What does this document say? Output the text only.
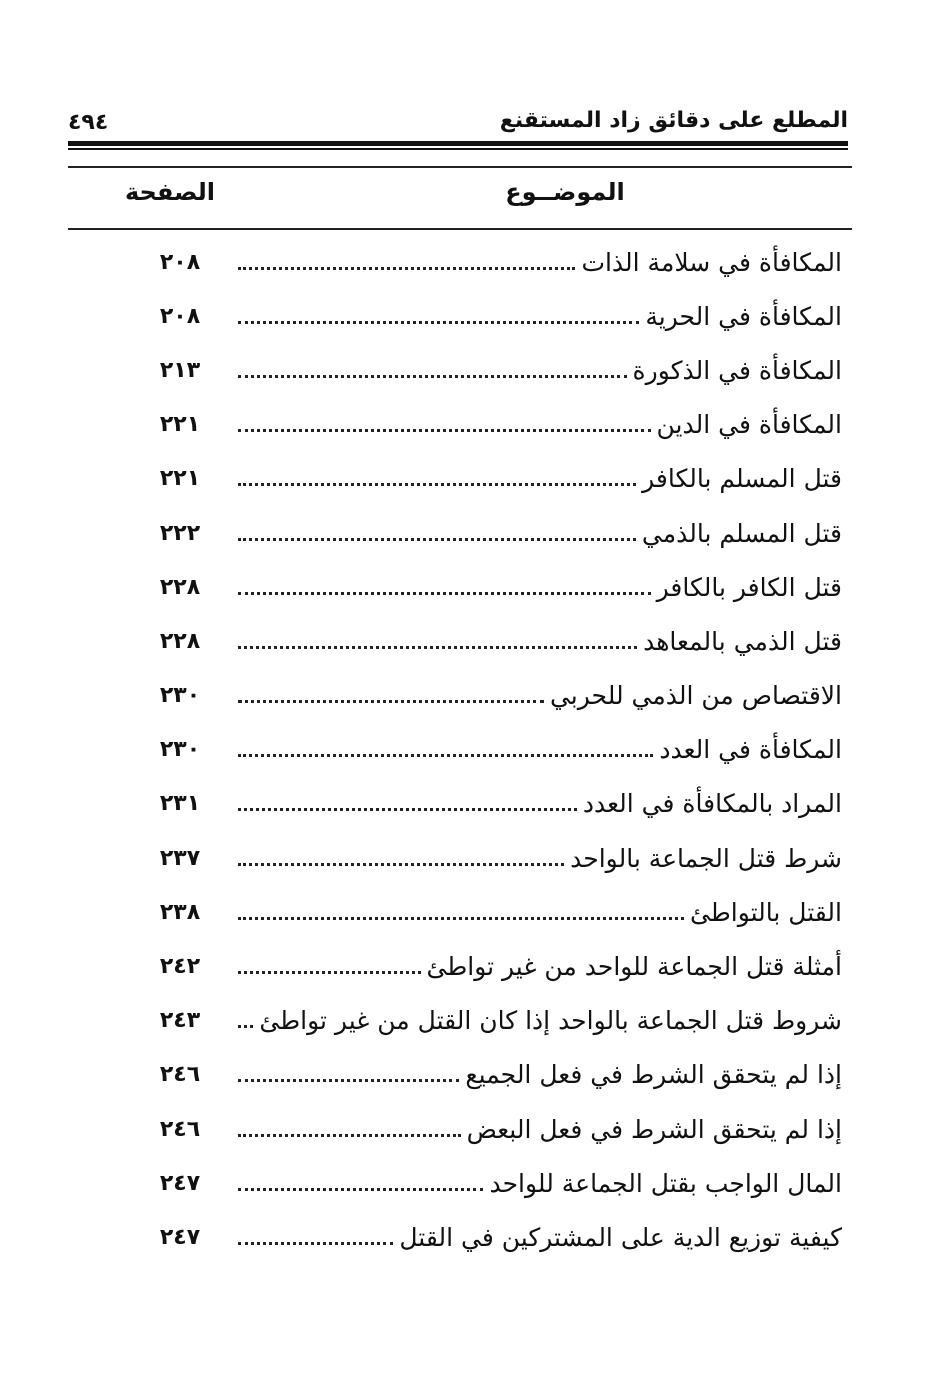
٤٩٤	المطلع على دقائق زاد المستقنع
الموضــوع
الصفحة
المكافأة في سلامة الذات
٢٠٨
المكافأة في الحرية
٢٠٨
المكافأة في الذكورة
٢١٣
المكافأة في الدين
٢٢١
قتل المسلم بالكافر
٢٢١
قتل المسلم بالذمي
٢٢٢
قتل الكافر بالكافر
٢٢٨
قتل الذمي بالمعاهد
٢٢٨
الاقتصاص من الذمي للحربي
٢٣٠
المكافأة في العدد
٢٣٠
المراد بالمكافأة في العدد
٢٣١
شرط قتل الجماعة بالواحد
٢٣٧
القتل بالتواطئ
٢٣٨
أمثلة قتل الجماعة للواحد من غير تواطئ
٢٤٢
شروط قتل الجماعة بالواحد إذا كان القتل من غير تواطئ
٢٤٣
إذا لم يتحقق الشرط في فعل الجميع
٢٤٦
إذا لم يتحقق الشرط في فعل البعض
٢٤٦
المال الواجب بقتل الجماعة للواحد
٢٤٧
كيفية توزيع الدية على المشتركين في القتل
٢٤٧
